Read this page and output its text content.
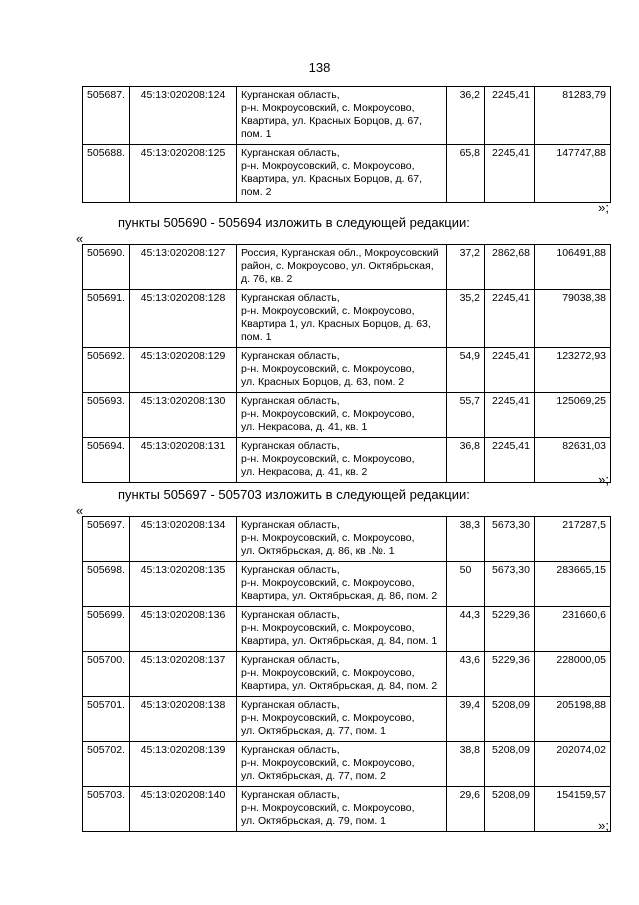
138
505687.	45:13:020208:124	Курганская область,
р-н. Мокроусовский, с. Мокроусово,
Квартира, ул. Красных Борцов, д. 67,
пом. 1	36,2	2245,41	81283,79
505688.	45:13:020208:125	Курганская область,
р-н. Мокроусовский, с. Мокроусово,
Квартира, ул. Красных Борцов, д. 67,
пом. 2	65,8	2245,41	147747,88
»;
пункты 505690 - 505694 изложить в следующей редакции:
«
505690.	45:13:020208:127	Россия, Курганская обл., Мокроусовский
район, с. Мокроусово, ул. Октябрьская,
д. 76, кв. 2	37,2	2862,68	106491,88
505691.	45:13:020208:128	Курганская область,
р-н. Мокроусовский, с. Мокроусово,
Квартира 1, ул. Красных Борцов, д. 63,
пом. 1	35,2	2245,41	79038,38
505692.	45:13:020208:129	Курганская область,
р-н. Мокроусовский, с. Мокроусово,
ул. Красных Борцов, д. 63, пом. 2	54,9	2245,41	123272,93
505693.	45:13:020208:130	Курганская область,
р-н. Мокроусовский, с. Мокроусово,
ул. Некрасова, д. 41, кв. 1	55,7	2245,41	125069,25
505694.	45:13:020208:131	Курганская область,
р-н. Мокроусовский, с. Мокроусово,
ул. Некрасова, д. 41, кв. 2	36,8	2245,41	82631,03
»;
пункты 505697 - 505703 изложить в следующей редакции:
«
505697.	45:13:020208:134	Курганская область,
р-н. Мокроусовский, с. Мокроусово,
ул. Октябрьская, д. 86, кв .№. 1	38,3	5673,30	217287,5
505698.	45:13:020208:135	Курганская область,
р-н. Мокроусовский, с. Мокроусово,
Квартира, ул. Октябрьская, д. 86, пом. 2	50	5673,30	283665,15
505699.	45:13:020208:136	Курганская область,
р-н. Мокроусовский, с. Мокроусово,
Квартира, ул. Октябрьская, д. 84, пом. 1	44,3	5229,36	231660,6
505700.	45:13:020208:137	Курганская область,
р-н. Мокроусовский, с. Мокроусово,
Квартира, ул. Октябрьская, д. 84, пом. 2	43,6	5229,36	228000,05
505701.	45:13:020208:138	Курганская область,
р-н. Мокроусовский, с. Мокроусово,
ул. Октябрьская, д. 77, пом. 1	39,4	5208,09	205198,88
505702.	45:13:020208:139	Курганская область,
р-н. Мокроусовский, с. Мокроусово,
ул. Октябрьская, д. 77, пом. 2	38,8	5208,09	202074,02
505703.	45:13:020208:140	Курганская область,
р-н. Мокроусовский, с. Мокроусово,
ул. Октябрьская, д. 79, пом. 1	29,6	5208,09	154159,57
»;
